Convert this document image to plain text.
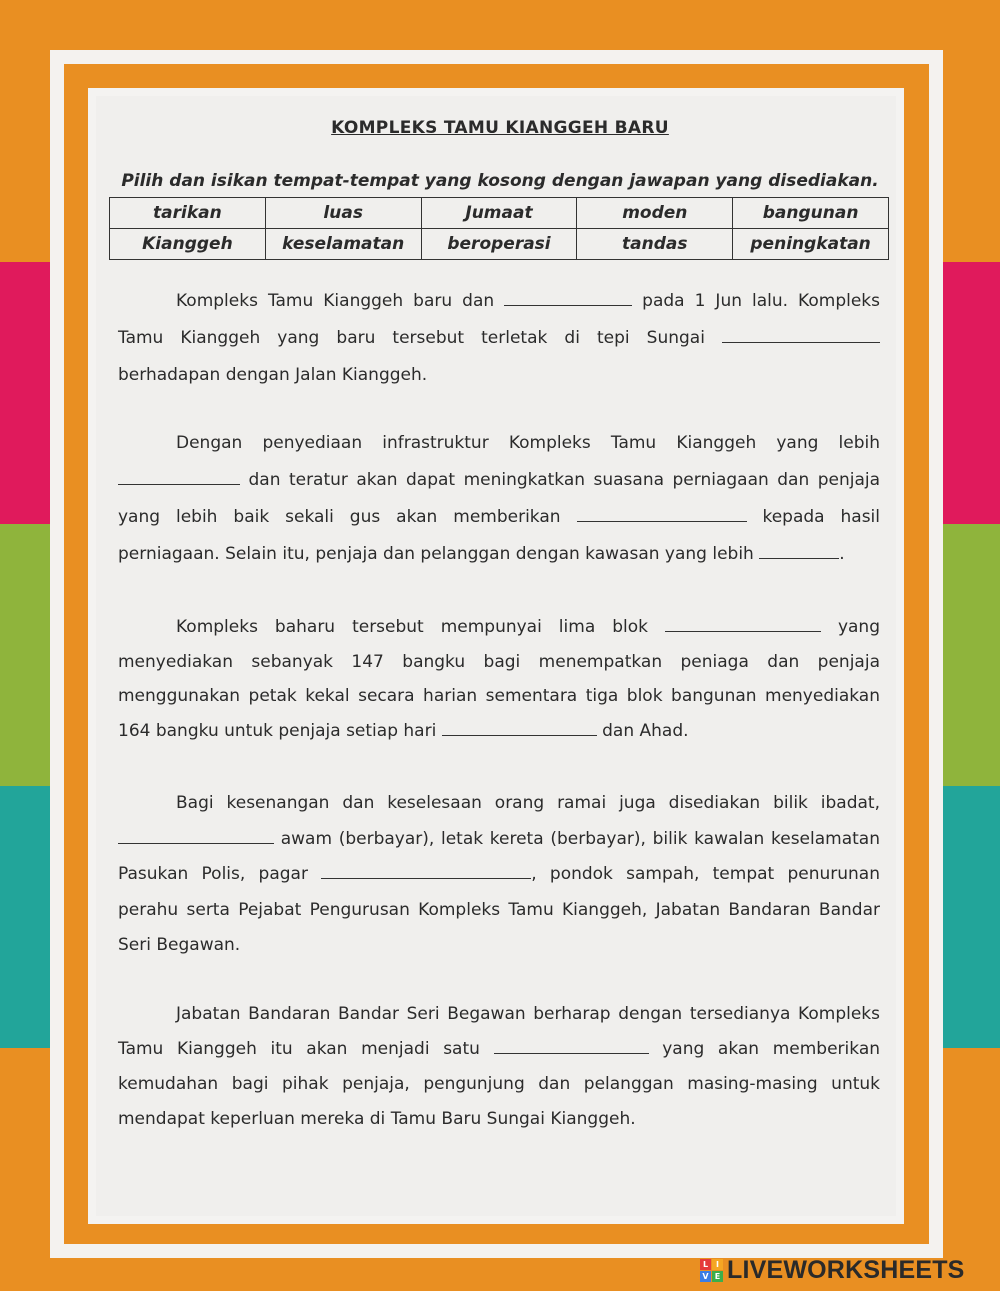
KOMPLEKS TAMU KIANGGEH BARU
Pilih dan isikan tempat-tempat yang kosong dengan jawapan yang disediakan.
tarikan	luas	Jumaat	moden	bangunan
Kianggeh	keselamatan	beroperasi	tandas	peningkatan

Kompleks Tamu Kianggeh baru dan	pada 1 Jun lalu. Kompleks Tamu Kianggeh yang baru tersebut terletak di tepi Sungai  berhadapan dengan Jalan Kianggeh.

Dengan penyediaan infrastruktur Kompleks Tamu Kianggeh yang lebih  dan teratur akan dapat meningkatkan suasana perniagaan dan penjaja yang lebih baik sekali gus akan memberikan	kepada hasil perniagaan. Selain itu, penjaja dan pelanggan dengan kawasan yang lebih	.

Kompleks baharu tersebut mempunyai lima blok	yang menyediakan sebanyak 147 bangku bagi menempatkan peniaga dan penjaja menggunakan petak kekal secara harian sementara tiga blok bangunan menyediakan 164 bangku untuk penjaja setiap hari	dan Ahad.

Bagi kesenangan dan keselesaan orang ramai juga disediakan bilik ibadat,  awam (berbayar), letak kereta (berbayar), bilik kawalan keselamatan Pasukan Polis, pagar	, pondok sampah, tempat penurunan perahu serta Pejabat Pengurusan Kompleks Tamu Kianggeh, Jabatan Bandaran Bandar Seri Begawan.

Jabatan Bandaran Bandar Seri Begawan berharap dengan tersedianya Kompleks Tamu Kianggeh itu akan menjadi satu	yang akan memberikan kemudahan bagi pihak penjaja, pengunjung dan pelanggan masing-masing untuk mendapat keperluan mereka di Tamu Baru Sungai Kianggeh.

L I
V E LIVEWORKSHEETS
